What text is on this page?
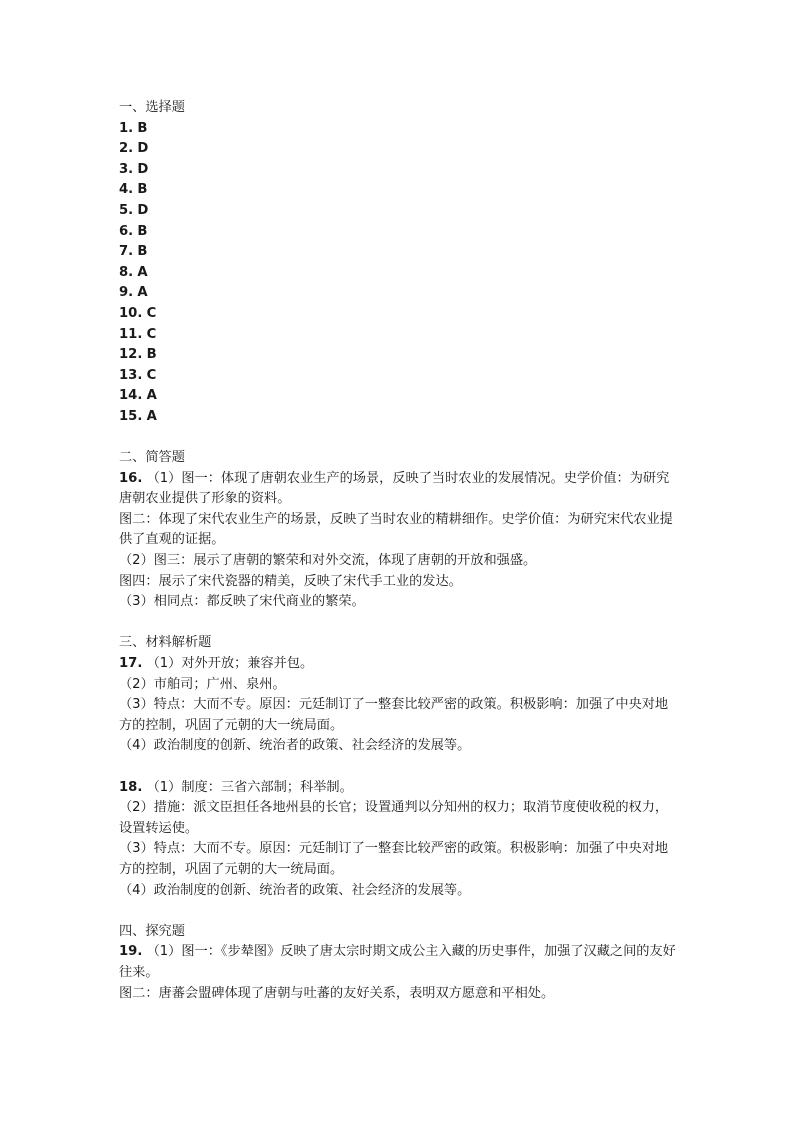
一、选择题
1. B
2. D
3. D
4. B
5. D
6. B
7. B
8. A
9. A
10. C
11. C
12. B
13. C
14. A
15. A
二、简答题
16. （1）图一：体现了唐朝农业生产的场景，反映了当时农业的发展情况。史学价值：为研究唐朝农业提供了形象的资料。
图二：体现了宋代农业生产的场景，反映了当时农业的精耕细作。史学价值：为研究宋代农业提供了直观的证据。
（2）图三：展示了唐朝的繁荣和对外交流，体现了唐朝的开放和强盛。
图四：展示了宋代瓷器的精美，反映了宋代手工业的发达。
（3）相同点：都反映了宋代商业的繁荣。
三、材料解析题
17. （1）对外开放；兼容并包。
（2）市舶司；广州、泉州。
（3）特点：大而不专。原因：元廷制订了一整套比较严密的政策。积极影响：加强了中央对地方的控制，巩固了元朝的大一统局面。
（4）政治制度的创新、统治者的政策、社会经济的发展等。
18. （1）制度：三省六部制；科举制。
（2）措施：派文臣担任各地州县的长官；设置通判以分知州的权力；取消节度使收税的权力，设置转运使。
（3）特点：大而不专。原因：元廷制订了一整套比较严密的政策。积极影响：加强了中央对地方的控制，巩固了元朝的大一统局面。
（4）政治制度的创新、统治者的政策、社会经济的发展等。
四、探究题
19. （1）图一：《步辇图》反映了唐太宗时期文成公主入藏的历史事件，加强了汉藏之间的友好往来。
图二：唐蕃会盟碑体现了唐朝与吐蕃的友好关系，表明双方愿意和平相处。
